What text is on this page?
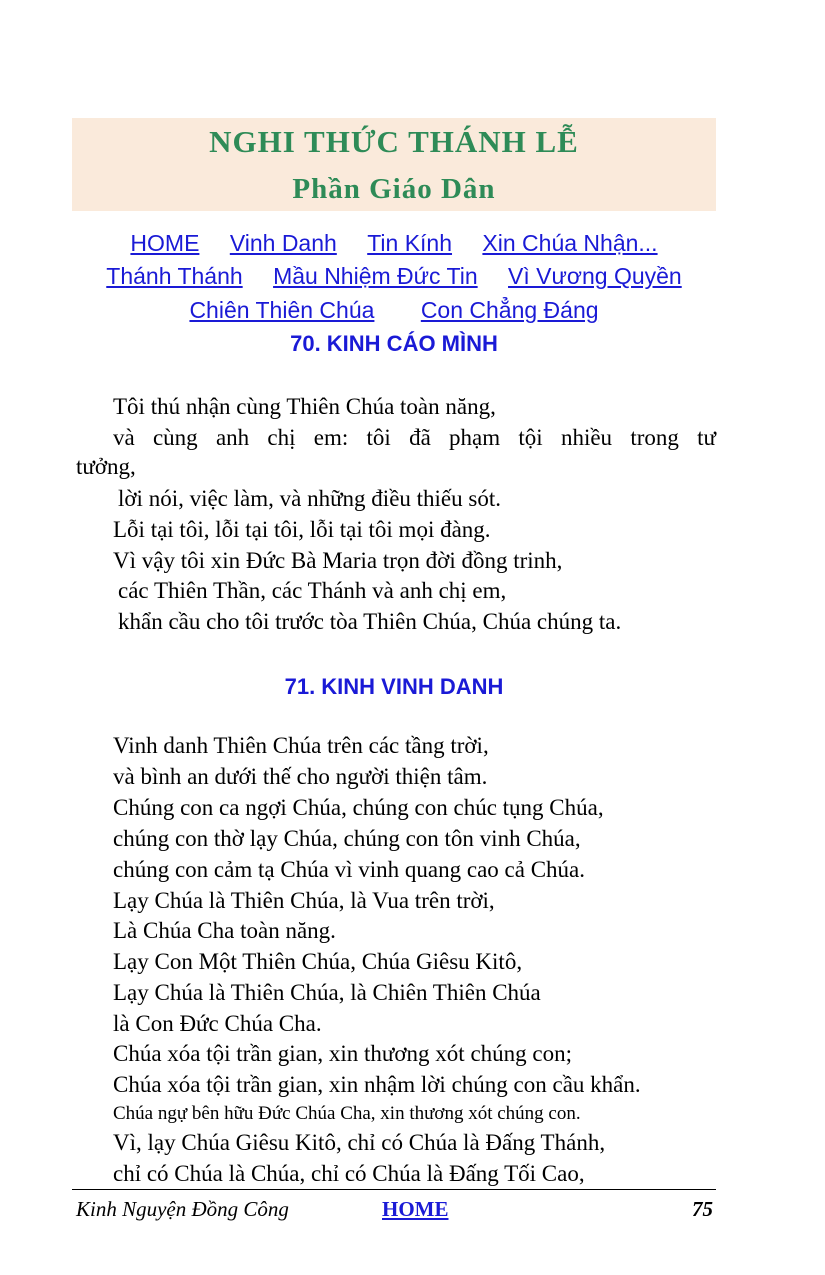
NGHI THỨC THÁNH LỄ
Phần Giáo Dân
HOME Vinh Danh Tin Kính Xin Chúa Nhận...
Thánh Thánh Mầu Nhiệm Đức Tin Vì Vương Quyền
Chiên Thiên Chúa Con Chẳng Đáng
70. KINH CÁO MÌNH
Tôi thú nhận cùng Thiên Chúa toàn năng,
và cùng anh chị em: tôi đã phạm tội nhiều trong tư
tưởng,
lời nói, việc làm, và những điều thiếu sót.
Lỗi tại tôi, lỗi tại tôi, lỗi tại tôi mọi đàng.
Vì vậy tôi xin Đức Bà Maria trọn đời đồng trinh,
các Thiên Thần, các Thánh và anh chị em,
khẩn cầu cho tôi trước tòa Thiên Chúa, Chúa chúng ta.
71. KINH VINH DANH
Vinh danh Thiên Chúa trên các tầng trời,
và bình an dưới thế cho người thiện tâm.
Chúng con ca ngợi Chúa, chúng con chúc tụng Chúa,
chúng con thờ lạy Chúa, chúng con tôn vinh Chúa,
chúng con cảm tạ Chúa vì vinh quang cao cả Chúa.
Lạy Chúa là Thiên Chúa, là Vua trên trời,
Là Chúa Cha toàn năng.
Lạy Con Một Thiên Chúa, Chúa Giêsu Kitô,
Lạy Chúa là Thiên Chúa, là Chiên Thiên Chúa
là Con Đức Chúa Cha.
Chúa xóa tội trần gian, xin thương xót chúng con;
Chúa xóa tội trần gian, xin nhậm lời chúng con cầu khẩn.
Chúa ngự bên hữu Đức Chúa Cha, xin thương xót chúng con.
Vì, lạy Chúa Giêsu Kitô, chỉ có Chúa là Đấng Thánh,
chỉ có Chúa là Chúa, chỉ có Chúa là Đấng Tối Cao,
Kinh Nguyện Đồng Công	HOME	75
